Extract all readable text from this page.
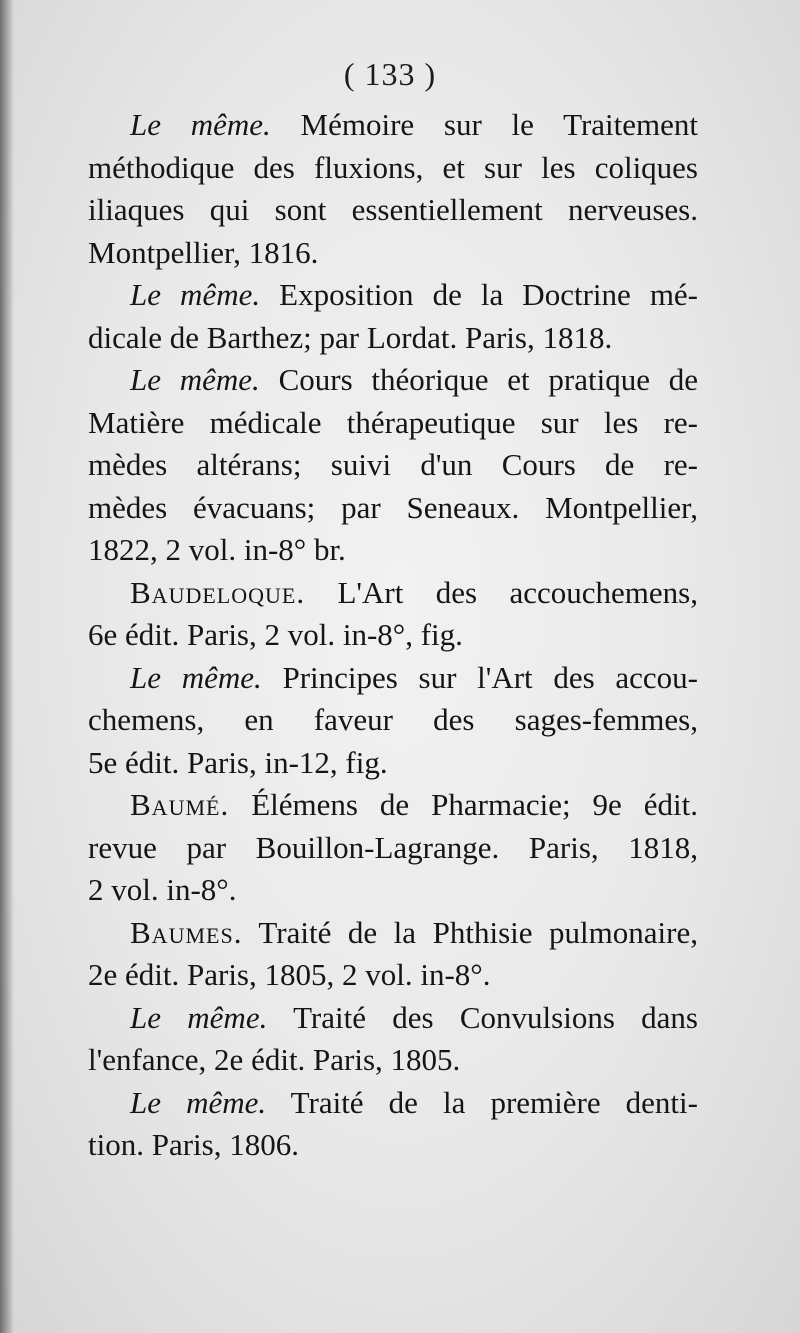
( 133 )
Le même. Mémoire sur le Traitement
méthodique des fluxions, et sur les coliques
iliaques qui sont essentiellement nerveuses.
Montpellier, 1816.
Le même. Exposition de la Doctrine mé-
dicale de Barthez; par Lordat. Paris, 1818.
Le même. Cours théorique et pratique de
Matière médicale thérapeutique sur les re-
mèdes altérans; suivi d'un Cours de re-
mèdes évacuans; par Seneaux. Montpellier,
1822, 2 vol. in-8° br.
Baudeloque. L'Art des accouchemens,
6e édit. Paris, 2 vol. in-8°, fig.
Le même. Principes sur l'Art des accou-
chemens, en faveur des sages-femmes,
5e édit. Paris, in-12, fig.
Baumé. Élémens de Pharmacie; 9e édit.
revue par Bouillon-Lagrange. Paris, 1818,
2 vol. in-8°.
Baumes. Traité de la Phthisie pulmonaire,
2e édit. Paris, 1805, 2 vol. in-8°.
Le même. Traité des Convulsions dans
l'enfance, 2e édit. Paris, 1805.
Le même. Traité de la première denti-
tion. Paris, 1806.
